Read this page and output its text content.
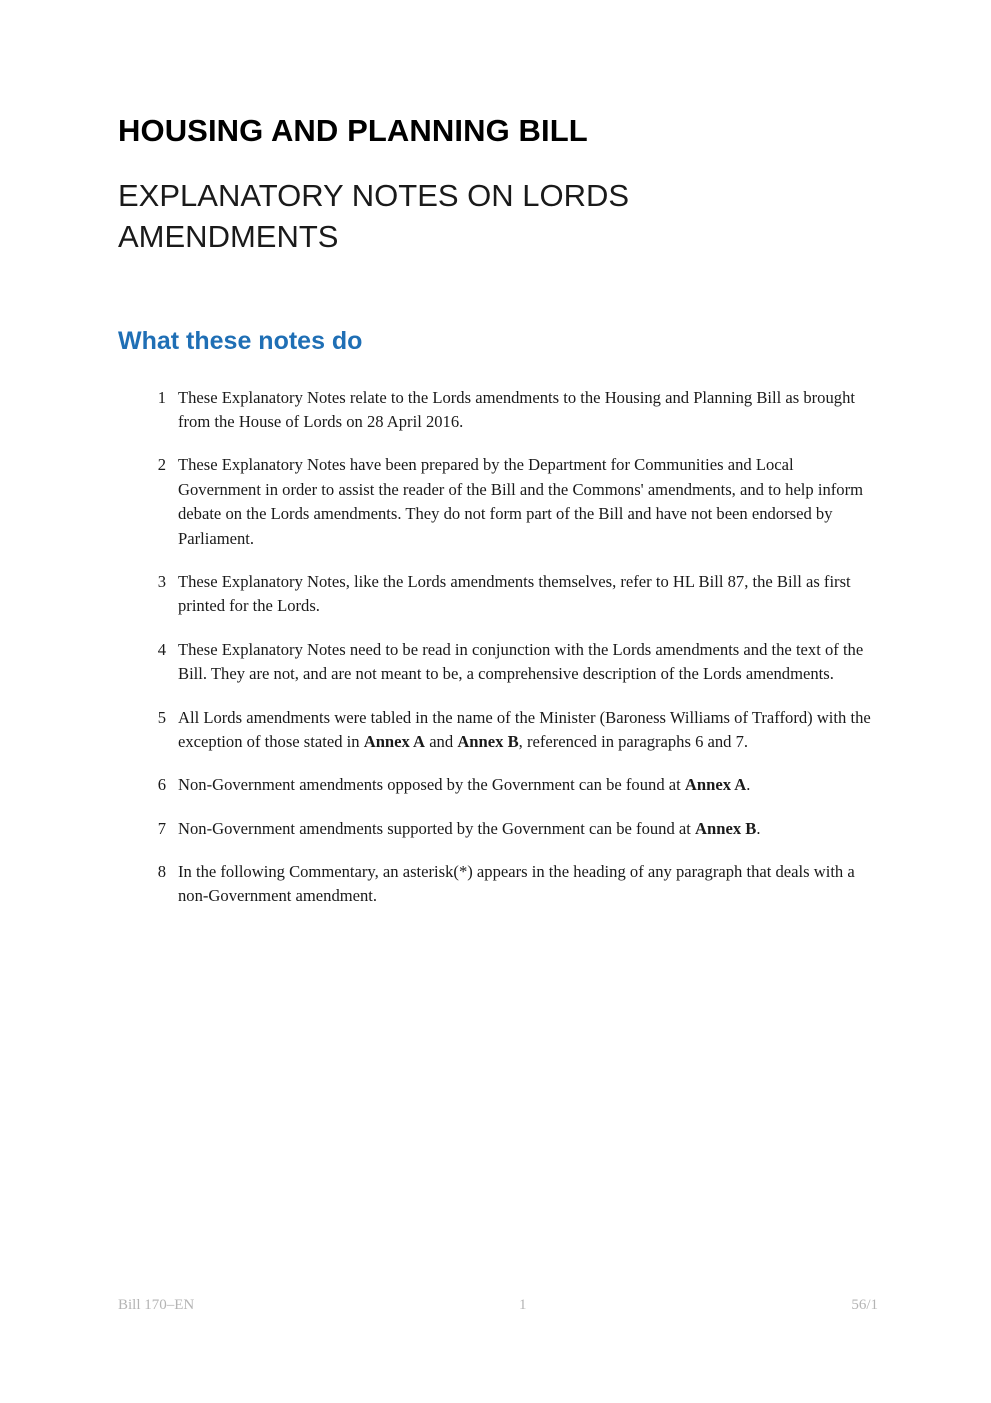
HOUSING AND PLANNING BILL
EXPLANATORY NOTES ON LORDS AMENDMENTS
What these notes do
1 These Explanatory Notes relate to the Lords amendments to the Housing and Planning Bill as brought from the House of Lords on 28 April 2016.
2 These Explanatory Notes have been prepared by the Department for Communities and Local Government in order to assist the reader of the Bill and the Commons' amendments, and to help inform debate on the Lords amendments. They do not form part of the Bill and have not been endorsed by Parliament.
3 These Explanatory Notes, like the Lords amendments themselves, refer to HL Bill 87, the Bill as first printed for the Lords.
4 These Explanatory Notes need to be read in conjunction with the Lords amendments and the text of the Bill. They are not, and are not meant to be, a comprehensive description of the Lords amendments.
5 All Lords amendments were tabled in the name of the Minister (Baroness Williams of Trafford) with the exception of those stated in Annex A and Annex B, referenced in paragraphs 6 and 7.
6 Non-Government amendments opposed by the Government can be found at Annex A.
7 Non-Government amendments supported by the Government can be found at Annex B.
8 In the following Commentary, an asterisk(*) appears in the heading of any paragraph that deals with a non-Government amendment.
Bill 170–EN	1	56/1
